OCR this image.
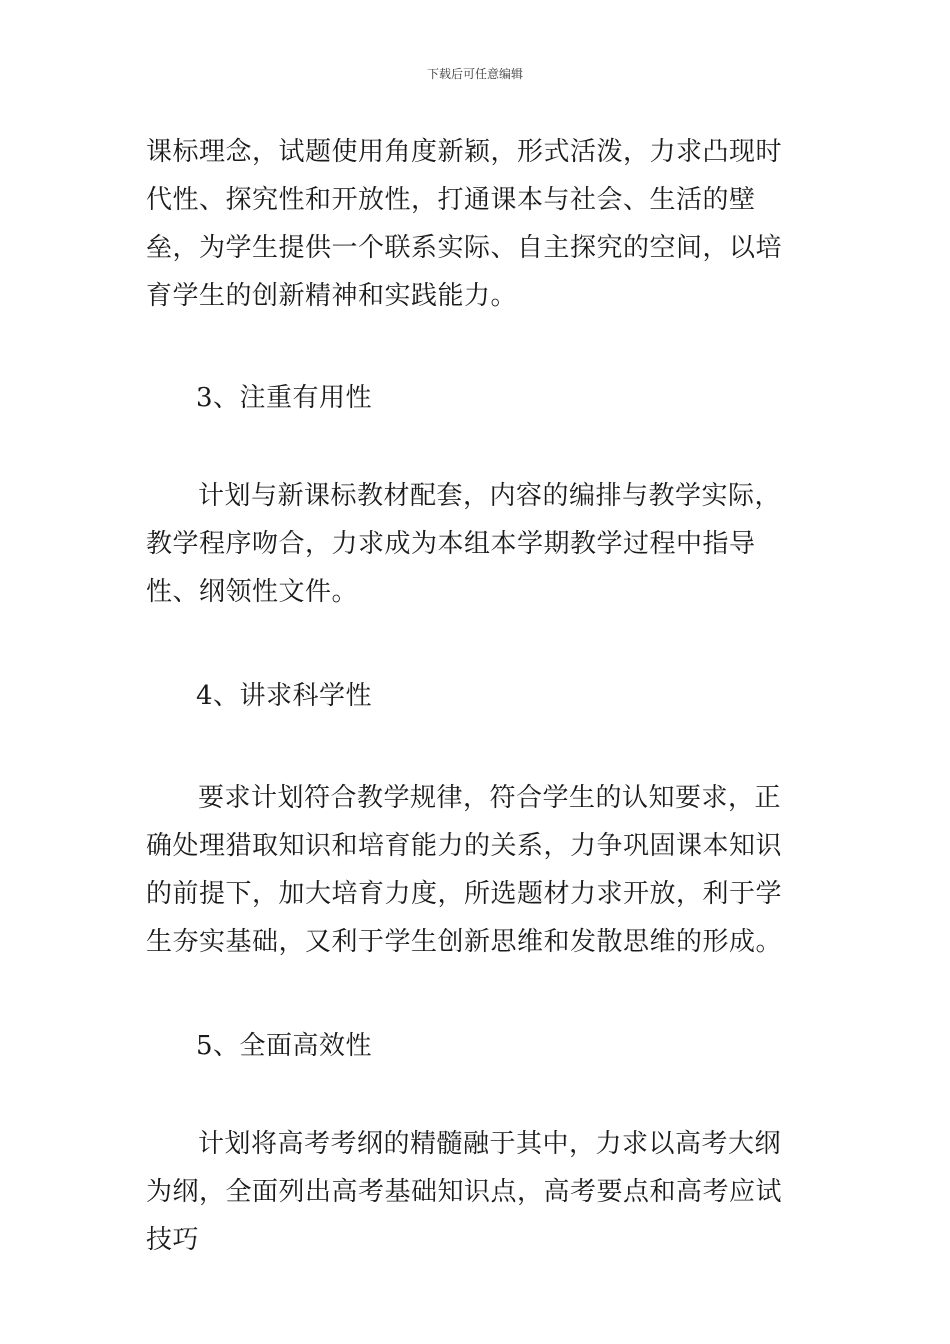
下载后可任意编辑

课标理念，试题使用角度新颖，形式活泼，力求凸现时代性、探究性和开放性，打通课本与社会、生活的壁垒，为学生提供一个联系实际、自主探究的空间，以培育学生的创新精神和实践能力。

3、注重有用性

计划与新课标教材配套，内容的编排与教学实际，教学程序吻合，力求成为本组本学期教学过程中指导性、纲领性文件。

4、讲求科学性

要求计划符合教学规律，符合学生的认知要求，正确处理猎取知识和培育能力的关系，力争巩固课本知识的前提下，加大培育力度，所选题材力求开放，利于学生夯实基础，又利于学生创新思维和发散思维的形成。

5、全面高效性

计划将高考考纲的精髓融于其中，力求以高考大纲为纲，全面列出高考基础知识点，高考要点和高考应试技巧
